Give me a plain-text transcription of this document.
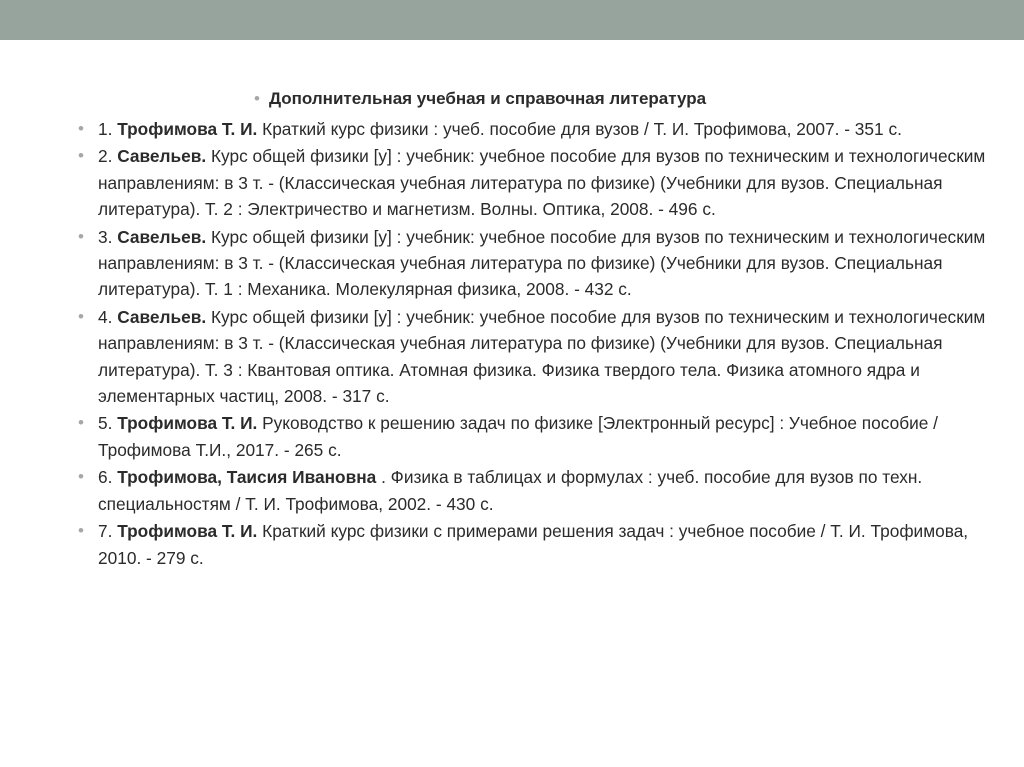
• Дополнительная учебная и справочная литература
• 1. Трофимова Т. И. Краткий курс физики : учеб. пособие для вузов / Т. И. Трофимова, 2007. - 351 с.
• 2. Савельев. Курс общей физики [у] : учебник: учебное пособие для вузов по техническим и технологическим направлениям: в 3 т. - (Классическая учебная литература по физике) (Учебники для вузов. Специальная литература). Т. 2 : Электричество и магнетизм. Волны. Оптика, 2008. - 496 с.
• 3. Савельев. Курс общей физики [у] : учебник: учебное пособие для вузов по техническим и технологическим направлениям: в 3 т. - (Классическая учебная литература по физике) (Учебники для вузов. Специальная литература). Т. 1 : Механика. Молекулярная физика, 2008. - 432 с.
• 4. Савельев. Курс общей физики [у] : учебник: учебное пособие для вузов по техническим и технологическим направлениям: в 3 т. - (Классическая учебная литература по физике) (Учебники для вузов. Специальная литература). Т. 3 : Квантовая оптика. Атомная физика. Физика твердого тела. Физика атомного ядра и элементарных частиц, 2008. - 317 с.
• 5. Трофимова Т. И. Руководство к решению задач по физике [Электронный ресурс] : Учебное пособие / Трофимова Т.И., 2017. - 265 с.
• 6. Трофимова, Таисия Ивановна . Физика в таблицах и формулах : учеб. пособие для вузов по техн. специальностям / Т. И. Трофимова, 2002. - 430 с.
• 7. Трофимова Т. И. Краткий курс физики с примерами решения задач : учебное пособие / Т. И. Трофимова, 2010. - 279 с.
